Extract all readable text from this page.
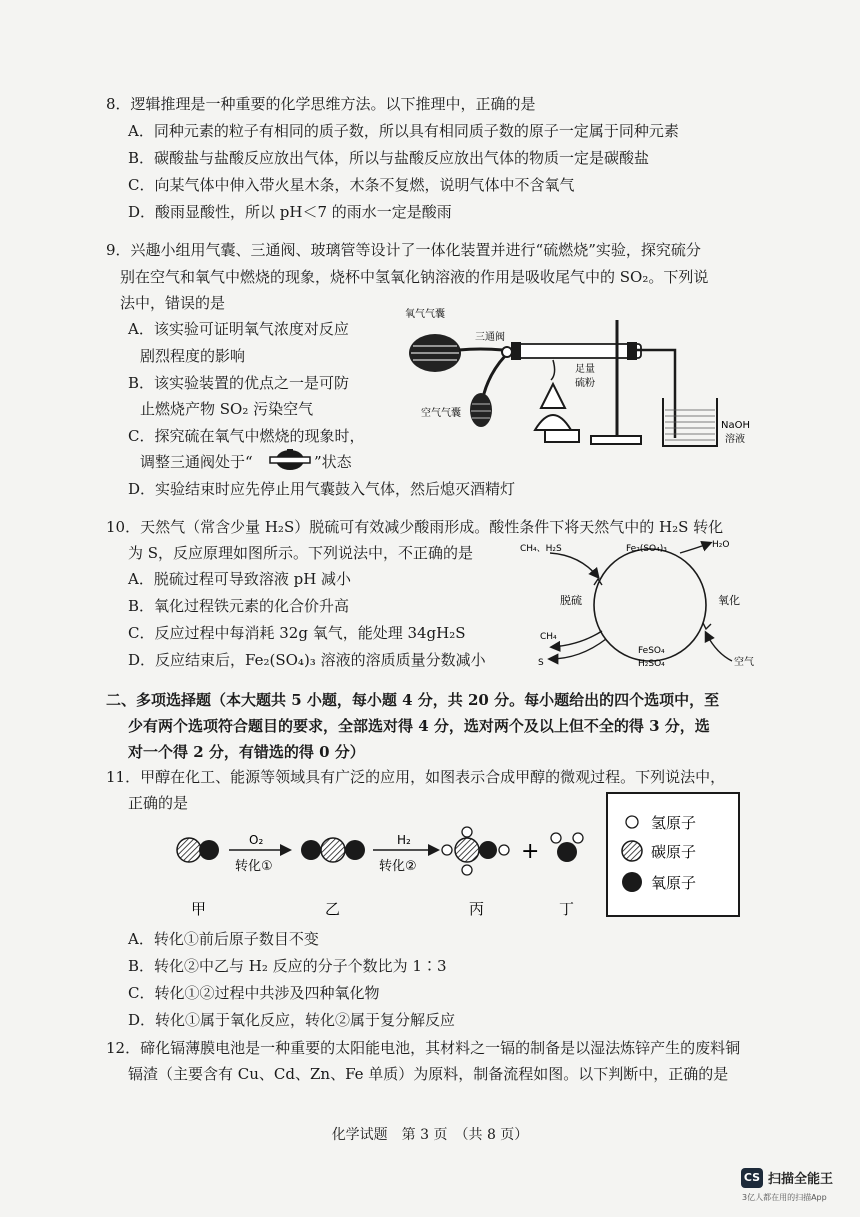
8．逻辑推理是一种重要的化学思维方法。以下推理中，正确的是
A．同种元素的粒子有相同的质子数，所以具有相同质子数的原子一定属于同种元素
B．碳酸盐与盐酸反应放出气体，所以与盐酸反应放出气体的物质一定是碳酸盐
C．向某气体中伸入带火星木条，木条不复燃，说明气体中不含氧气
D．酸雨显酸性，所以 pH＜7 的雨水一定是酸雨
9．兴趣小组用气囊、三通阀、玻璃管等设计了一体化装置并进行“硫燃烧”实验，探究硫分
别在空气和氧气中燃烧的现象，烧杯中氢氧化钠溶液的作用是吸收尾气中的 SO₂。下列说
法中，错误的是
A．该实验可证明氧气浓度对反应
剧烈程度的影响
B．该实验装置的优点之一是可防
止燃烧产物 SO₂ 污染空气
C．探究硫在氧气中燃烧的现象时，
调整三通阀处于“	”状态
D．实验结束时应先停止用气囊鼓入气体，然后熄灭酒精灯
氧气气囊
三通阀
足量
硫粉
空气气囊
NaOH
溶液
10．天然气（常含少量 H₂S）脱硫可有效减少酸雨形成。酸性条件下将天然气中的 H₂S 转化
为 S，反应原理如图所示。下列说法中，不正确的是
A．脱硫过程可导致溶液 pH 减小
B．氧化过程铁元素的化合价升高
C．反应过程中每消耗 32g 氧气，能处理 34gH₂S
D．反应结束后，Fe₂(SO₄)₃ 溶液的溶质质量分数减小
CH₄、H₂S	Fe₂(SO₄)₃	H₂O
脱硫	氧化
CH₄
S
FeSO₄
H₂SO₄	空气
二、多项选择题（本大题共 5 小题，每小题 4 分，共 20 分。每小题给出的四个选项中，至
少有两个选项符合题目的要求，全部选对得 4 分，选对两个及以上但不全的得 3 分，选
对一个得 2 分，有错选的得 0 分）
11．甲醇在化工、能源等领域具有广泛的应用，如图表示合成甲醇的微观过程。下列说法中，
正确的是
O₂
转化①
H₂
转化②
+
甲	乙	丙	丁
氢原子
碳原子
氧原子
A．转化①前后原子数目不变
B．转化②中乙与 H₂ 反应的分子个数比为 1∶3
C．转化①②过程中共涉及四种氧化物
D．转化①属于氧化反应，转化②属于复分解反应
12．碲化镉薄膜电池是一种重要的太阳能电池，其材料之一镉的制备是以湿法炼锌产生的废料铜
镉渣（主要含有 Cu、Cd、Zn、Fe 单质）为原料，制备流程如图。以下判断中，正确的是
化学试题　第 3 页　（共 8 页）
CS 扫描全能王
3亿人都在用的扫描App
